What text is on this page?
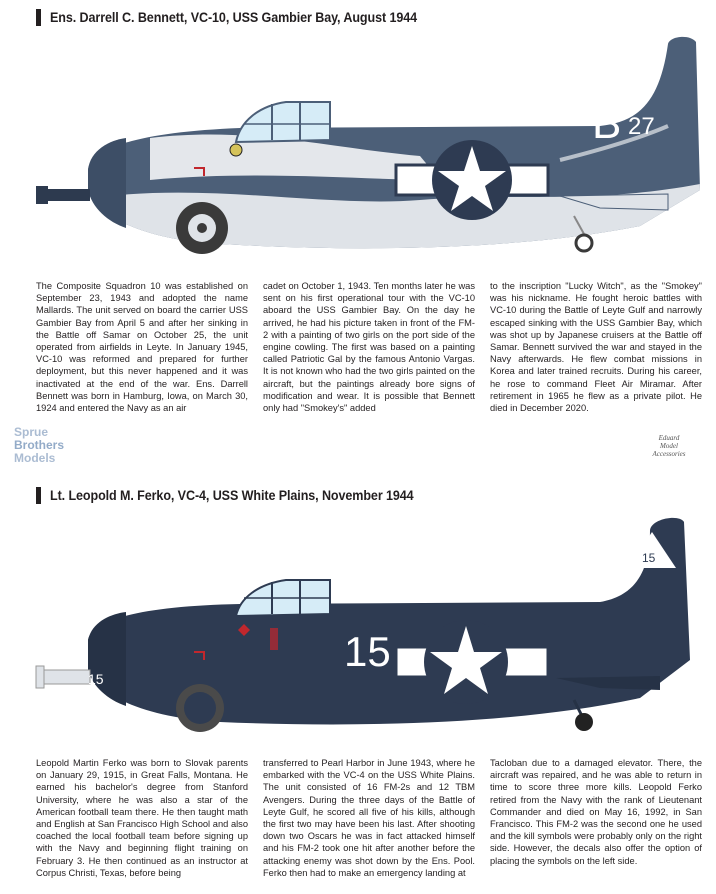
Ens. Darrell C. Bennett, VC-10, USS Gambier Bay, August 1944
B 27

The Composite Squadron 10 was established on September 23, 1943 and adopted the name Mallards. The unit served on board the carrier USS Gambier Bay from April 5 and after her sinking in the Battle off Samar on October 25, the unit operated from airfields in Leyte. In January 1945, VC-10 was reformed and prepared for further deployment, but this never happened and it was inactivated at the end of the war. Ens. Darrell Bennett was born in Hamburg, Iowa, on March 30, 1924 and entered the Navy as an air

cadet on October 1, 1943. Ten months later he was sent on his first operational tour with the VC-10 aboard the USS Gambier Bay. On the day he arrived, he had his picture taken in front of the FM-2 with a painting of two girls on the port side of the engine cowling. The first was based on a painting called Patriotic Gal by the famous Antonio Vargas. It is not known who had the two girls painted on the aircraft, but the paintings already bore signs of modification and wear. It is possible that Bennett only had "Smokey's" added

to the inscription "Lucky Witch", as the "Smokey" was his nickname. He fought heroic battles with VC-10 during the Battle of Leyte Gulf and narrowly escaped sinking with the USS Gambier Bay, which was shot up by Japanese cruisers at the Battle off Samar. Bennett survived the war and stayed in the Navy afterwards. He flew combat missions in Korea and later trained recruits. During his career, he rose to command Fleet Air Miramar. After retirement in 1965 he flew as a private pilot. He died in December 2020.

Sprue
Brothers
Models
Eduard
Model
Accessories
Lt. Leopold M. Ferko, VC-4, USS White Plains, November 1944
15
15
15

Leopold Martin Ferko was born to Slovak parents on January 29, 1915, in Great Falls, Montana. He earned his bachelor's degree from Stanford University, where he was also a star of the American football team there. He then taught math and English at San Francisco High School and also coached the local football team before signing up with the Navy and beginning flight training on February 3. He then continued as an instructor at Corpus Christi, Texas, before being

transferred to Pearl Harbor in June 1943, where he embarked with the VC-4 on the USS White Plains. The unit consisted of 16 FM-2s and 12 TBM Avengers. During the three days of the Battle of Leyte Gulf, he scored all five of his kills, although the first two may have been his last. After shooting down two Oscars he was in fact attacked himself and his FM-2 took one hit after another before the attacking enemy was shot down by the Ens. Pool. Ferko then had to make an emergency landing at

Tacloban due to a damaged elevator. There, the aircraft was repaired, and he was able to return in time to score three more kills. Leopold Ferko retired from the Navy with the rank of Lieutenant Commander and died on May 16, 1992, in San Francisco. This FM-2 was the second one he used and the kill symbols were probably only on the right side. However, the decals also offer the option of placing the symbols on the left side.
